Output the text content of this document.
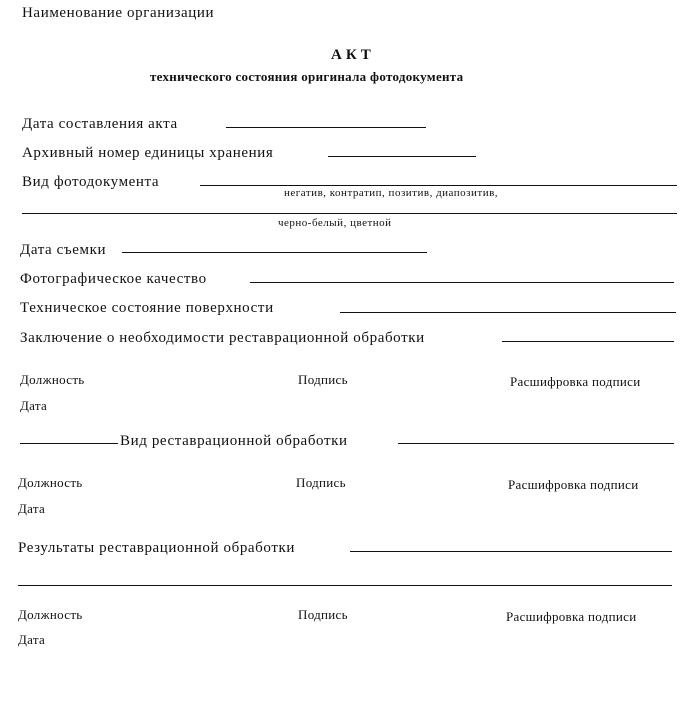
Наименование организации
АКТ
технического состояния оригинала фотодокумента
Дата составления акта
Архивный номер единицы хранения
Вид фотодокумента
негатив, контратип, позитив, диапозитив,
черно-белый, цветной
Дата съемки
Фотографическое качество
Техническое состояние поверхности
Заключение о необходимости реставрационной обработки
Должность	Подпись	Расшифровка подписи
Дата
Вид реставрационной обработки
Должность	Подпись	Расшифровка подписи
Дата
Результаты реставрационной обработки
Должность	Подпись	Расшифровка подписи
Дата
